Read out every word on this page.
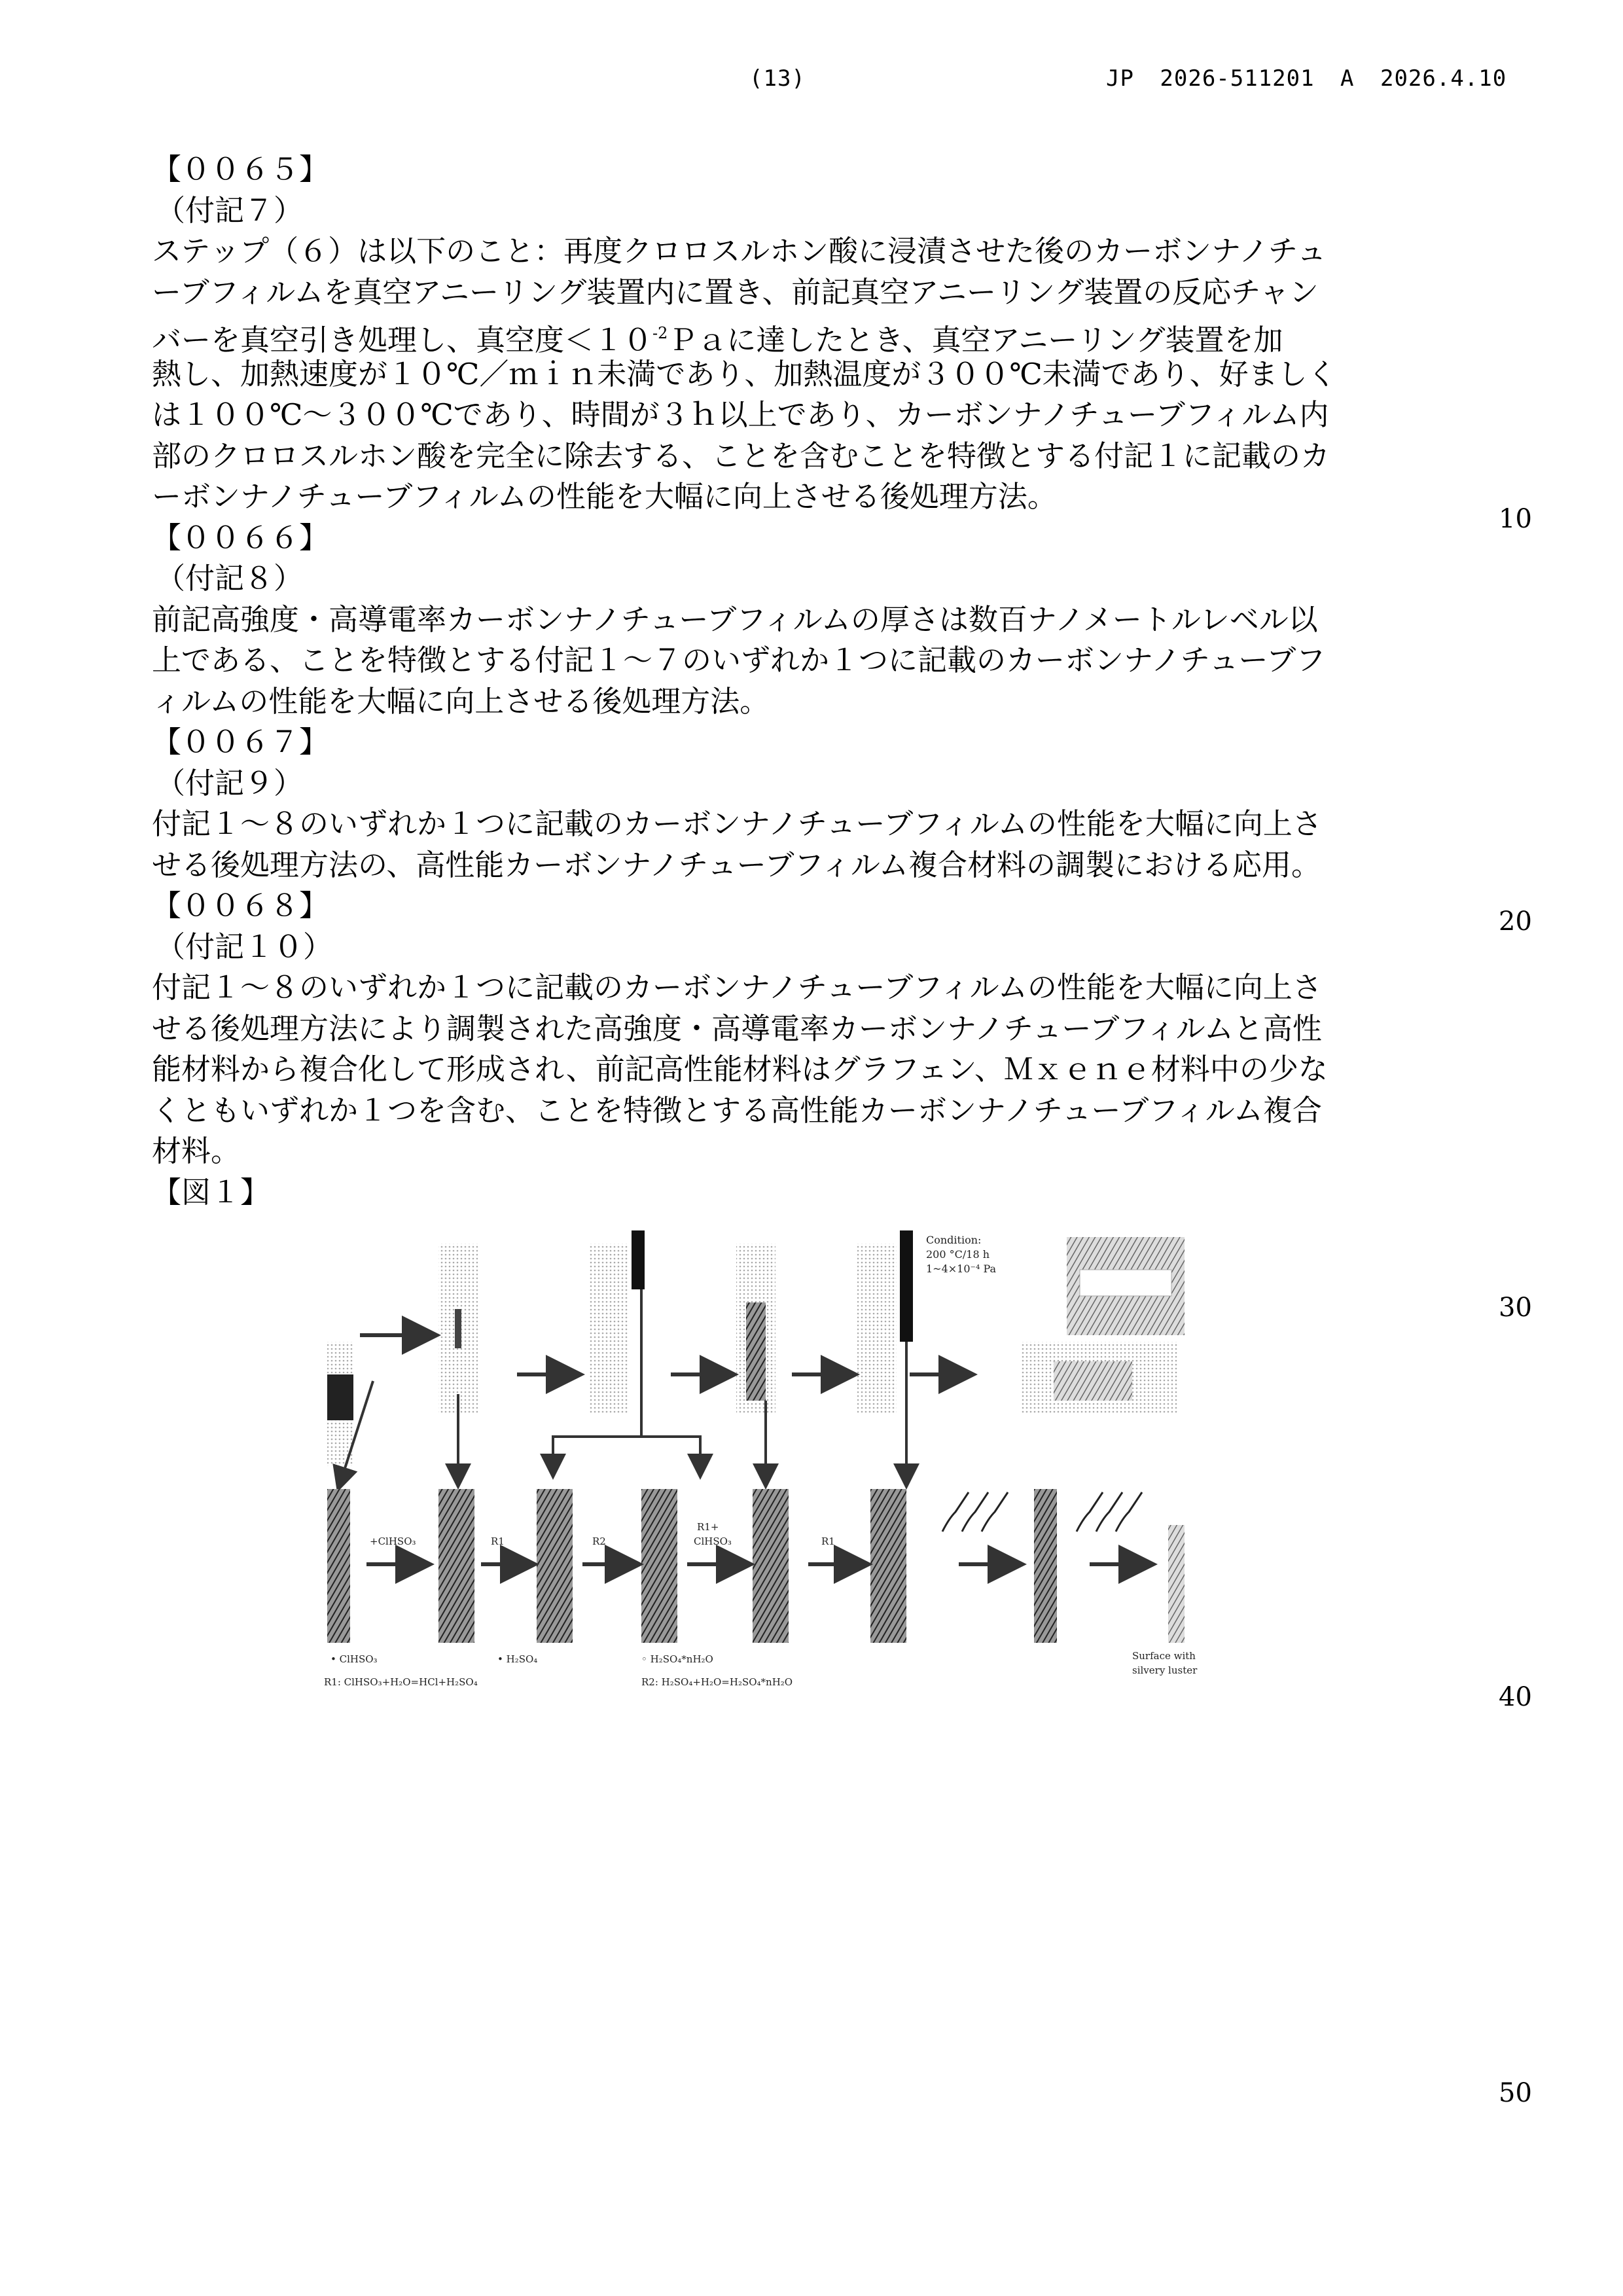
(13)	JP 2026-511201 A 2026.4.10
【００６５】
（付記７）
ステップ（６）は以下のこと：再度クロロスルホン酸に浸漬させた後のカーボンナノチュ
ーブフィルムを真空アニーリング装置内に置き、前記真空アニーリング装置の反応チャン
バーを真空引き処理し、真空度$<10^{-2}Pa$に達したとき、真空アニーリング装置を加
熱し、加熱速度が１０℃／ｍｉｎ未満であり、加熱温度が３００℃未満であり、好ましく
は１００℃～３００℃であり、時間が３ｈ以上であり、カーボンナノチューブフィルム内
部のクロロスルホン酸を完全に除去する、ことを含むことを特徴とする付記１に記載のカ
ーボンナノチューブフィルムの性能を大幅に向上させる後処理方法。
【００６６】
（付記８）
前記高強度・高導電率カーボンナノチューブフィルムの厚さは数百ナノメートルレベル以
上である、ことを特徴とする付記１～７のいずれか１つに記載のカーボンナノチューブフ
ィルムの性能を大幅に向上させる後処理方法。
【００６７】
（付記９）
付記１～８のいずれか１つに記載のカーボンナノチューブフィルムの性能を大幅に向上さ
せる後処理方法の、高性能カーボンナノチューブフィルム複合材料の調製における応用。
【００６８】
（付記１０）
付記１～８のいずれか１つに記載のカーボンナノチューブフィルムの性能を大幅に向上さ
せる後処理方法により調製された高強度・高導電率カーボンナノチューブフィルムと高性
能材料から複合化して形成され、前記高性能材料はグラフェン、Ｍｘｅｎｅ材料中の少な
くともいずれか１つを含む、ことを特徴とする高性能カーボンナノチューブフィルム複合
材料。
【図１】
10
20
30
40
50
Condition:
200 °C/18 h
1~4×10⁻⁴ Pa
+ClHSO₃	R1	R2
R1+
ClHSO₃	R1
• ClHSO₃	• H₂SO₄	◦ H₂SO₄*nH₂O
R1: ClHSO₃+H₂O=HCl+H₂SO₄	R2: H₂SO₄+H₂O=H₂SO₄*nH₂O
Surface with
silvery luster
